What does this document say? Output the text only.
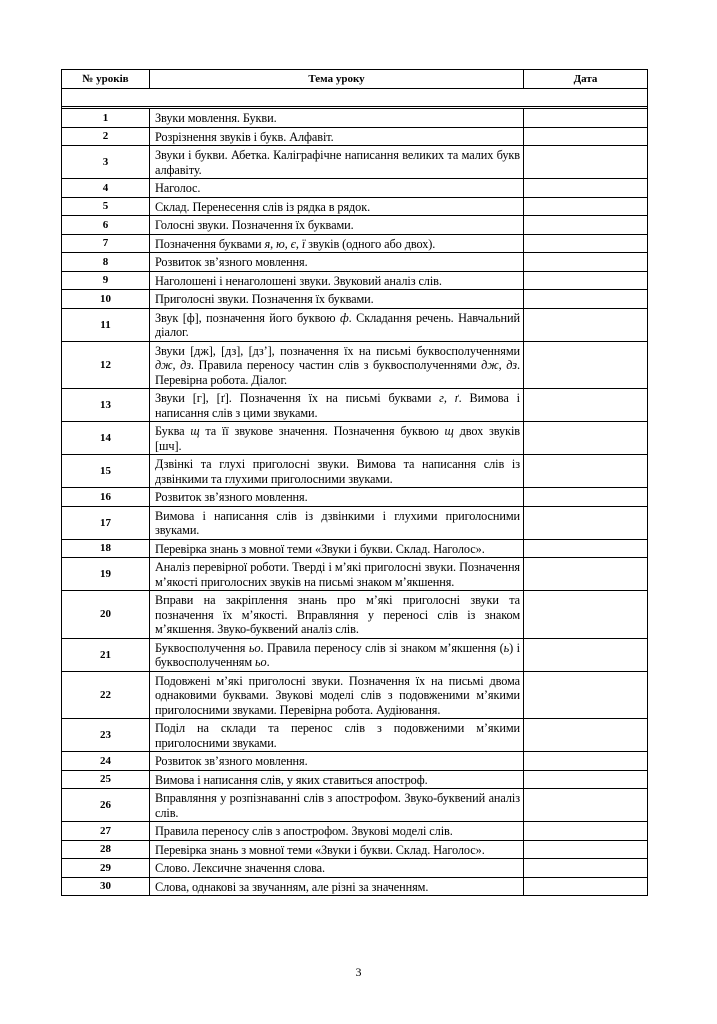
№ уроків	Тема уроку	Дата

1	Звуки мовлення. Букви.	
2	Розрізнення звуків і букв. Алфавіт.	
3	Звуки і букви. Абетка. Каліграфічне написання великих та малих букв алфавіту.	
4	Наголос.	
5	Склад. Перенесення слів із рядка в рядок.	
6	Голосні звуки. Позначення їх буквами.	
7	Позначення буквами я, ю, є, ї звуків (одного або двох).	
8	Розвиток зв’язного мовлення.	
9	Наголошені і ненаголошені звуки. Звуковий аналіз слів.	
10	Приголосні звуки. Позначення їх буквами.	
11	Звук [ф], позначення його буквою ф. Складання речень. Навчальний діалог.	
12	Звуки [дж], [дз], [дз’], позначення їх на письмі буквосполученнями дж, дз. Правила переносу частин слів з буквосполученнями дж, дз. Перевірна робота. Діалог.	
13	Звуки [г], [ґ]. Позначення їх на письмі буквами г, ґ. Вимова і написання слів з цими звуками.	
14	Буква щ та її звукове значення. Позначення буквою щ двох звуків [шч].	
15	Дзвінкі та глухі приголосні звуки. Вимова та написання слів із дзвінкими та глухими приголосними звуками.	
16	Розвиток зв’язного мовлення.	
17	Вимова і написання слів із дзвінкими і глухими приголосними звуками.	
18	Перевірка знань з мовної теми «Звуки і букви. Склад. Наголос».	
19	Аналіз перевірної роботи. Тверді і м’які приголосні звуки. Позначення м’якості приголосних звуків на письмі знаком м’якшення.	
20	Вправи на закріплення знань про м’які приголосні звуки та позначення їх м’якості. Вправляння у переносі слів із знаком м’якшення. Звуко-буквений аналіз слів.	
21	Буквосполучення ьо. Правила переносу слів зі знаком м’якшення (ь) і буквосполученням ьо.	
22	Подовжені м’які приголосні звуки. Позначення їх на письмі двома однаковими буквами. Звукові моделі слів з подовженими м’якими приголосними звуками. Перевірна робота. Аудіювання.	
23	Поділ на склади та перенос слів з подовженими м’якими приголосними звуками.	
24	Розвиток зв’язного мовлення.	
25	Вимова і написання слів, у яких ставиться апостроф.	
26	Вправляння у розпізнаванні слів з апострофом. Звуко-буквений аналіз слів.	
27	Правила переносу слів з апострофом. Звукові моделі слів.	
28	Перевірка знань з мовної теми «Звуки і букви. Склад. Наголос».	
29	Слово. Лексичне значення слова.	
30	Слова, однакові за звучанням, але різні за значенням.	
3
